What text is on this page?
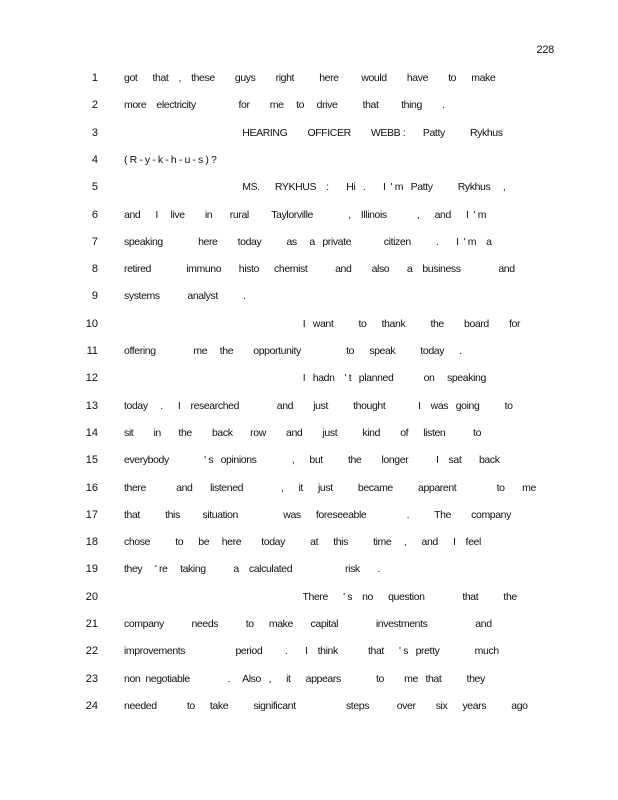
228
1 got      that    ,    these        guys        right          here         would        have        to      make
2 more    electricity                 for        me     to     drive          that         thing        .
3 HEARING        OFFICER        WEBB :       Patty          Rykhus
4 ( R - y - k - h - u - s ) ?
5 MS.      RYKHUS    :       Hi   .       I  ' m   Patty          Rykhus     ,
6 and      I     live        in       rural         Taylorville              ,    Illinois            ,      and      I  ' m
7 speaking              here        today          as     a   private             citizen          .       I  ' m    a
8 retired              immuno       histo      chemist           and        also       a    business               and
9 systems           analyst          .
10 I   want          to      thank          the        board        for
11 offering               me     the        opportunity                  to      speak          today      .
12 I   hadn    ' t   planned            on     speaking
13 today     .      I    researched               and        just          thought             I    was   going          to
14 sit        in       the        back       row        and        just          kind        of      listen           to
15 everybody              ' s   opinions              ,      but          the        longer           I    sat       back
16 there            and       listened               ,      it      just          became          apparent                to       me
17 that          this         situation                  was      foreseeable                .          The        company
18 chose          to      be     here        today          at      this          time     ,      and      I    feel
19 they     ' re     taking           a    calculated                     risk       .
20 There      ' s    no      question               that          the
21 company           needs           to      make       capital               investments                   and
22 improvements                    period         .       I    think            that      ' s   pretty              much
23 non  negotiable               .     Also   ,      it      appears              to        me   that          they
24 needed            to      take          significant                    steps           over        six      years          ago
